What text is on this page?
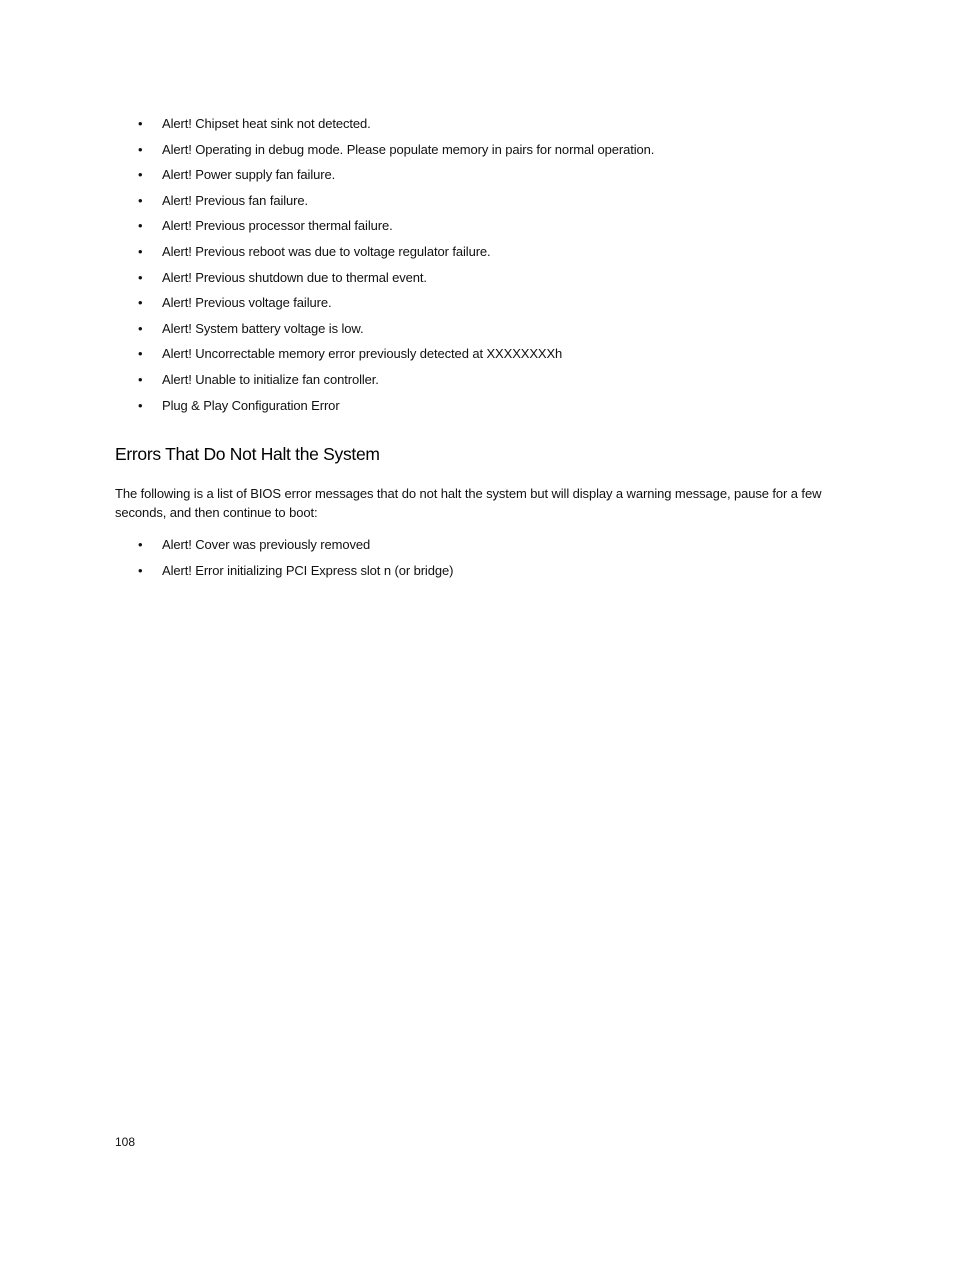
• Alert! Chipset heat sink not detected.
• Alert! Operating in debug mode. Please populate memory in pairs for normal operation.
• Alert! Power supply fan failure.
• Alert! Previous fan failure.
• Alert! Previous processor thermal failure.
• Alert! Previous reboot was due to voltage regulator failure.
• Alert! Previous shutdown due to thermal event.
• Alert! Previous voltage failure.
• Alert! System battery voltage is low.
• Alert! Uncorrectable memory error previously detected at XXXXXXXXh
• Alert! Unable to initialize fan controller.
• Plug & Play Configuration Error
Errors That Do Not Halt the System

The following is a list of BIOS error messages that do not halt the system but will display a warning message, pause for a few seconds, and then continue to boot:

• Alert! Cover was previously removed
• Alert! Error initializing PCI Express slot n (or bridge)
108
